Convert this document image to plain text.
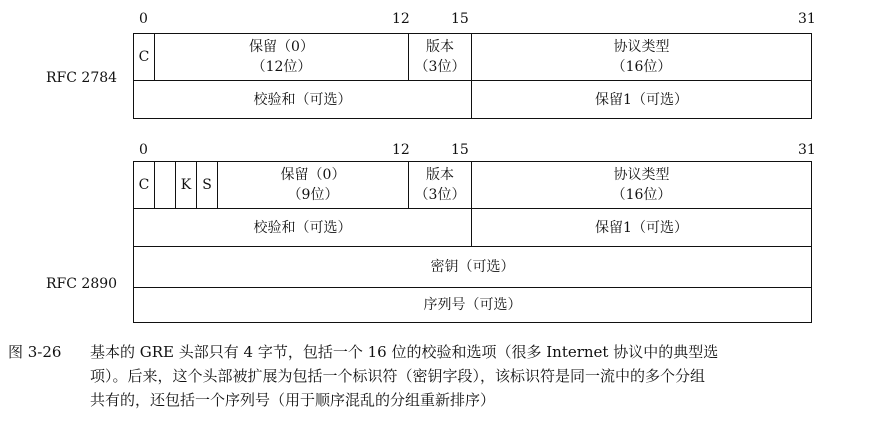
0	12	15	31
RFC 2784
C
保留（0）
（12位）
版本
（3位）
协议类型
（16位）
校验和（可选）	保留1（可选）
0	12	15	31
RFC 2890
C K S
保留（0）
（9位）
版本
（3位）
协议类型
（16位）
校验和（可选）	保留1（可选）
密钥（可选）
序列号（可选）
图 3-26 基本的 GRE 头部只有 4 字节，包括一个 16 位的校验和选项（很多 Internet 协议中的典型选
项）。后来，这个头部被扩展为包括一个标识符（密钥字段），该标识符是同一流中的多个分组
共有的，还包括一个序列号（用于顺序混乱的分组重新排序）
